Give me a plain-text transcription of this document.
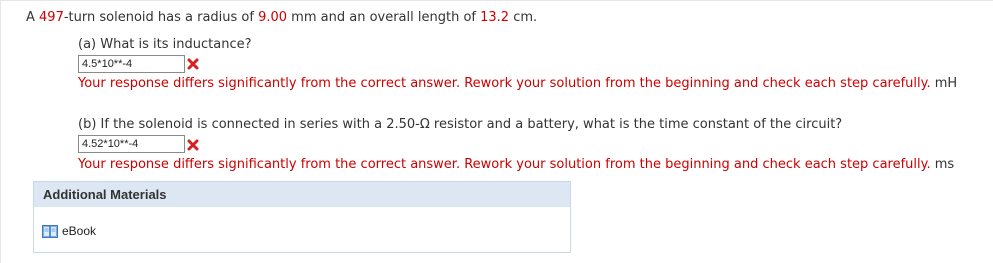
A 497-turn solenoid has a radius of 9.00 mm and an overall length of 13.2 cm.
(a) What is its inductance?
4.5*10**-4
Your response differs significantly from the correct answer. Rework your solution from the beginning and check each step carefully. mH
(b) If the solenoid is connected in series with a 2.50-Ω resistor and a battery, what is the time constant of the circuit?
4.52*10**-4
Your response differs significantly from the correct answer. Rework your solution from the beginning and check each step carefully. ms
Additional Materials
eBook
